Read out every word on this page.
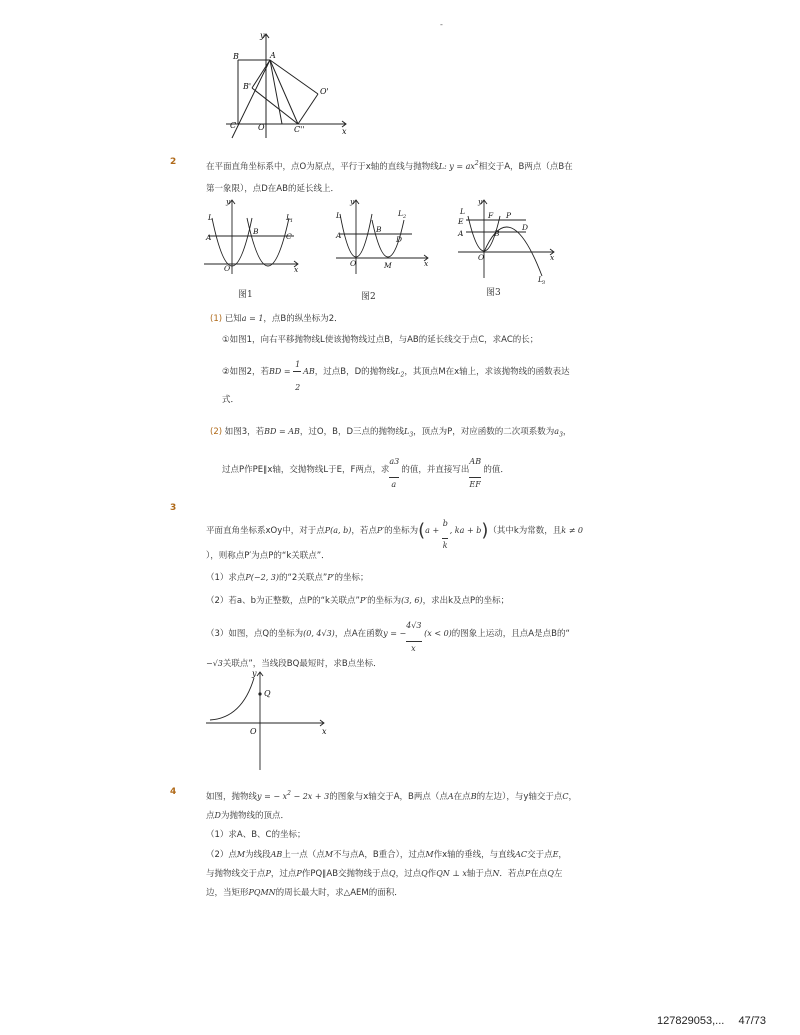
-
y
x
B	A
B'
O'
C	O	C''
2	在平面直角坐标系中，点O为原点，平行于x轴的直线与抛物线L: $y = ax^2$相交于A，B两点（点B在
第一象限），点D在AB的延长线上．
y
x
L	L 1
A
B
C
O
图1
y
x
L	L 2
A
B
D
O	M
图2
y
x
L
E
F P
A	B
D
O
L 3
图3
(1) 已知a = 1，点B的纵坐标为2．
①如图1，向右平移抛物线L使该抛物线过点B，与AB的延长线交于点C，求AC的长；
②如图2，若BD =
$\frac{1}{2}$
AB，过点B，D的抛物线$L_2$，其顶点M在x轴上，求该抛物线的函数表达
式．
(2) 如图3，若BD = AB，过O，B，D三点的抛物线$L_3$，顶点为P，对应函数的二次项系数为$a_3$，
过点P作PE∥x轴，交抛物线L于E，F两点，求
$\frac{a3}{a}$
的值，并直接写出
$\frac{AB}{EF}$
的值．
3
平面直角坐标系xOy中，对于点P(a, b)，若点P′的坐标为(a +
$\frac{b}{k}$
, ka + b)（其中k为常数，且k ≠ 0
），则称点P′为点P的“k关联点”．
（1）求点P(−2, 3)的“2关联点”P′的坐标；
（2）若a、b为正整数，点P的“k关联点”P′的坐标为(3, 6)，求出k及点P的坐标；
（3）如图，点Q的坐标为(0, 4√3)，点A在函数y = −
$\frac{4√3}{x}$
(x < 0)的图象上运动，且点A是点B的“
−√3关联点”，当线段BQ最短时，求B点坐标．
y
x
Q
O
4	如图，抛物线y = − $x^2 - 2x + 3$的图象与x轴交于A，B两点（点A在点B的左边），与y轴交于点C，
点D为抛物线的顶点．
（1）求A、B、C的坐标；
（2）点M为线段AB上一点（点M不与点A，B重合），过点M作x轴的垂线，与直线AC交于点E，
与抛物线交于点P，过点P作PQ∥AB交抛物线于点Q，过点Q作QN ⊥ x轴于点N．若点P在点Q左
边，当矩形PQMN的周长最大时，求△AEM的面积．
127829053,... 47/73
